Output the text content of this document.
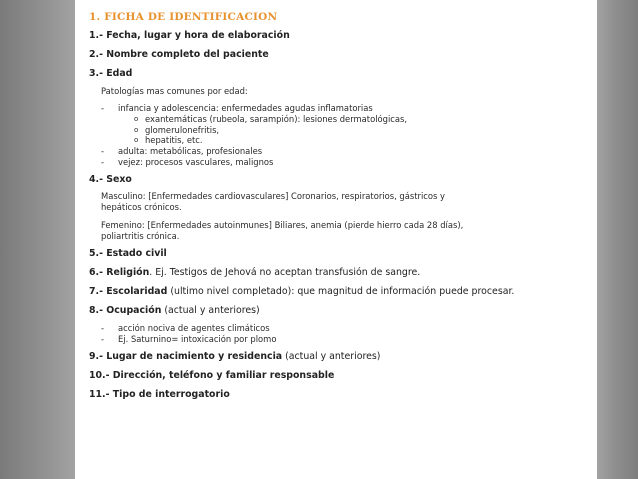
1. FICHA DE IDENTIFICACION
1.- Fecha, lugar y hora de elaboración
2.- Nombre completo del paciente
3.- Edad
Patologías mas comunes por edad:
- infancia y adolescencia: enfermedades agudas inflamatorias
o exantemáticas (rubeola, sarampión): lesiones dermatológicas,
o glomerulonefritis,
o hepatitis, etc.
- adulta: metabólicas, profesionales
- vejez: procesos vasculares, malignos
4.- Sexo
Masculino: [Enfermedades cardiovasculares] Coronarios, respiratorios, gástricos y
hepáticos crónicos.
Femenino: [Enfermedades autoinmunes] Biliares, anemia (pierde hierro cada 28 días),
poliartritis crónica.
5.- Estado civil
6.- Religión. Ej. Testigos de Jehová no aceptan transfusión de sangre.
7.- Escolaridad (ultimo nivel completado): que magnitud de información puede procesar.
8.- Ocupación (actual y anteriores)
- acción nociva de agentes climáticos
- Ej. Saturnino= intoxicación por plomo
9.- Lugar de nacimiento y residencia (actual y anteriores)
10.- Dirección, teléfono y familiar responsable
11.- Tipo de interrogatorio
